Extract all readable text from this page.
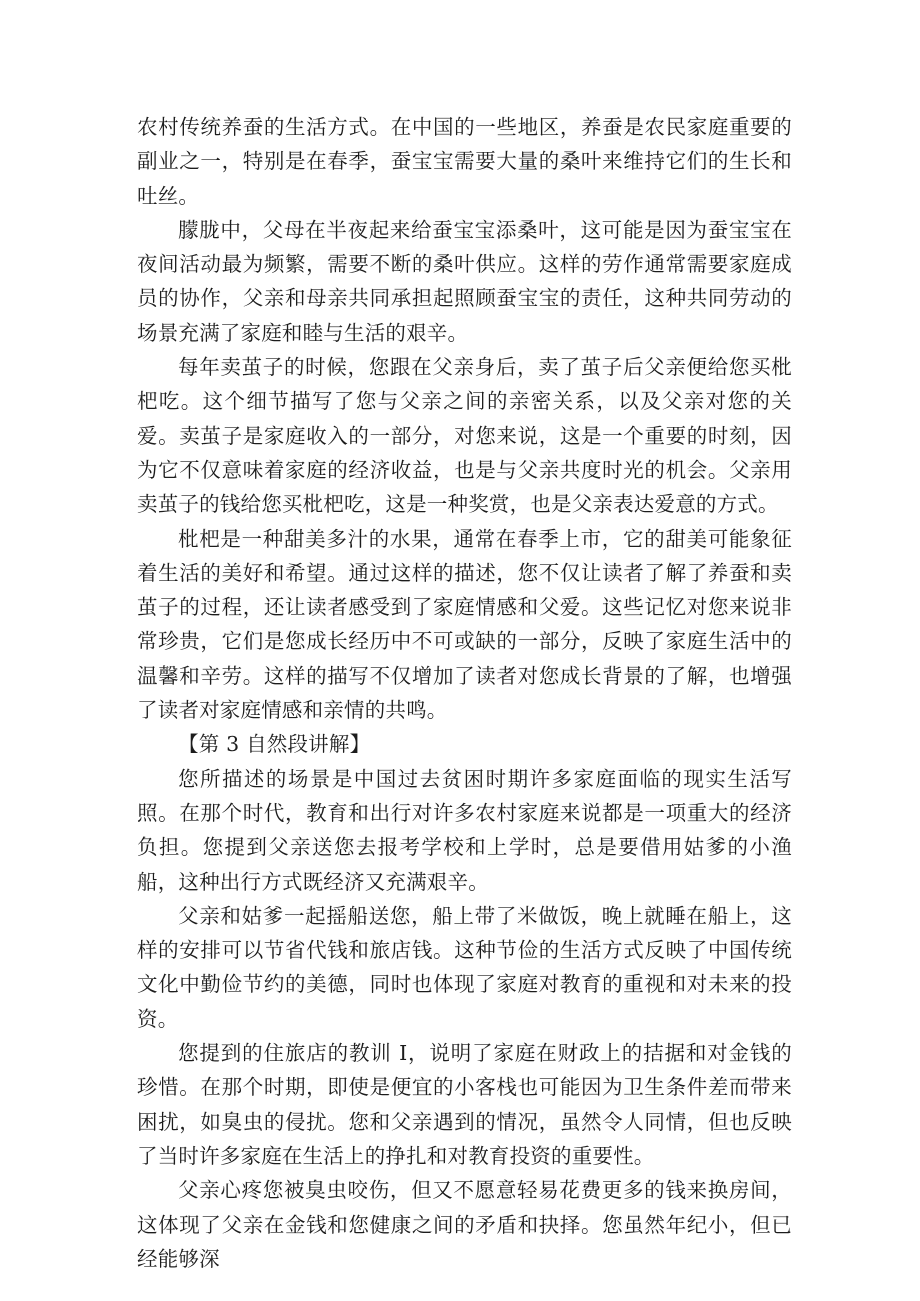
农村传统养蚕的生活方式。在中国的一些地区，养蚕是农民家庭重要的副业之一，特别是在春季，蚕宝宝需要大量的桑叶来维持它们的生长和吐丝。

朦胧中，父母在半夜起来给蚕宝宝添桑叶，这可能是因为蚕宝宝在夜间活动最为频繁，需要不断的桑叶供应。这样的劳作通常需要家庭成员的协作，父亲和母亲共同承担起照顾蚕宝宝的责任，这种共同劳动的场景充满了家庭和睦与生活的艰辛。

每年卖茧子的时候，您跟在父亲身后，卖了茧子后父亲便给您买枇杷吃。这个细节描写了您与父亲之间的亲密关系，以及父亲对您的关爱。卖茧子是家庭收入的一部分，对您来说，这是一个重要的时刻，因为它不仅意味着家庭的经济收益，也是与父亲共度时光的机会。父亲用卖茧子的钱给您买枇杷吃，这是一种奖赏，也是父亲表达爱意的方式。

枇杷是一种甜美多汁的水果，通常在春季上市，它的甜美可能象征着生活的美好和希望。通过这样的描述，您不仅让读者了解了养蚕和卖茧子的过程，还让读者感受到了家庭情感和父爱。这些记忆对您来说非常珍贵，它们是您成长经历中不可或缺的一部分，反映了家庭生活中的温馨和辛劳。这样的描写不仅增加了读者对您成长背景的了解，也增强了读者对家庭情感和亲情的共鸣。

【第 3 自然段讲解】

您所描述的场景是中国过去贫困时期许多家庭面临的现实生活写照。在那个时代，教育和出行对许多农村家庭来说都是一项重大的经济负担。您提到父亲送您去报考学校和上学时，总是要借用姑爹的小渔船，这种出行方式既经济又充满艰辛。

父亲和姑爹一起摇船送您，船上带了米做饭，晚上就睡在船上，这样的安排可以节省代钱和旅店钱。这种节俭的生活方式反映了中国传统文化中勤俭节约的美德，同时也体现了家庭对教育的重视和对未来的投资。

您提到的住旅店的教训 I，说明了家庭在财政上的拮据和对金钱的珍惜。在那个时期，即使是便宜的小客栈也可能因为卫生条件差而带来困扰，如臭虫的侵扰。您和父亲遇到的情况，虽然令人同情，但也反映了当时许多家庭在生活上的挣扎和对教育投资的重要性。

父亲心疼您被臭虫咬伤，但又不愿意轻易花费更多的钱来换房间，这体现了父亲在金钱和您健康之间的矛盾和抉择。您虽然年纪小，但已经能够深
